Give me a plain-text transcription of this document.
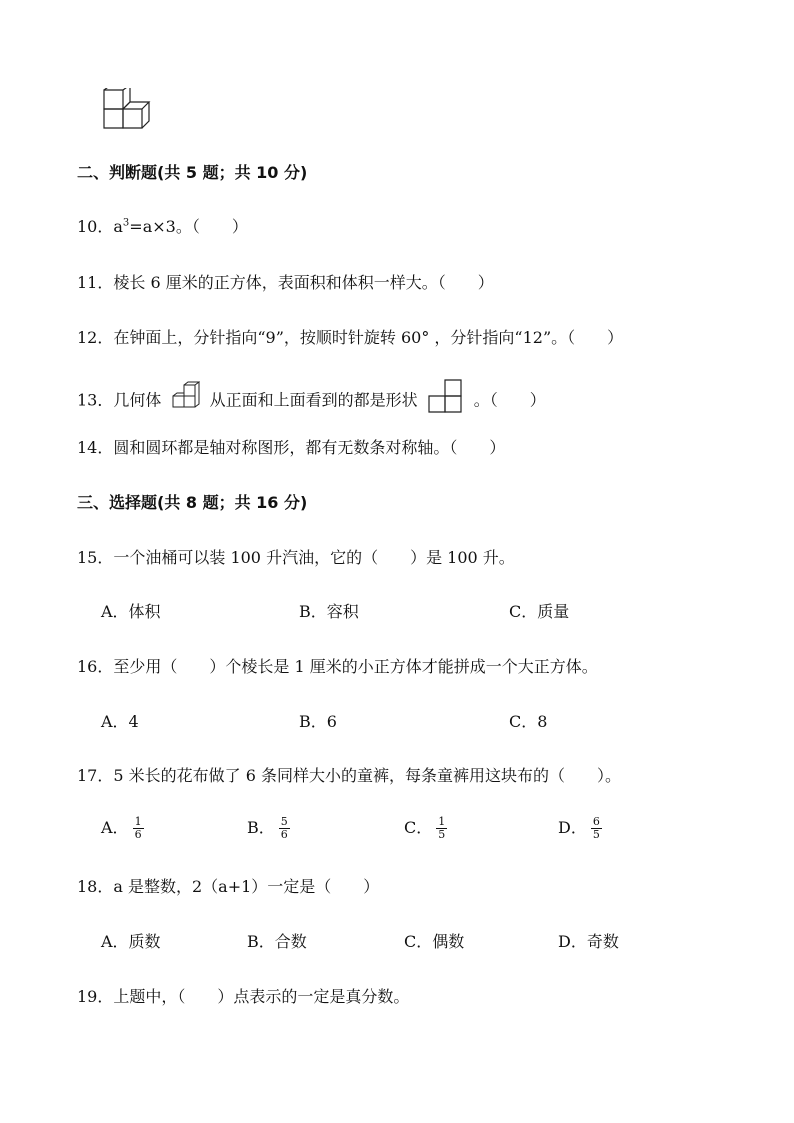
二、判断题(共 5 题；共 10 分)
10．$a^3=a\times 3$。（　　）
11．棱长 6 厘米的正方体，表面积和体积一样大。（　　）
12．在钟面上，分针指向“9”，按顺时针旋转 60° ，分针指向“12”。（　　）
13．几何体	从正面和上面看到的都是形状	。（　　）
14．圆和圆环都是轴对称图形，都有无数条对称轴。（　　）
三、选择题(共 8 题；共 16 分)
15．一个油桶可以装 100 升汽油，它的（　　）是 100 升。
A．体积	B．容积	C．质量
16．至少用（　　）个棱长是 1 厘米的小正方体才能拼成一个大正方体。
A．4	B．6	C．8
17．5 米长的花布做了 6 条同样大小的童裤，每条童裤用这块布的（　　）。
A． $\frac{1}{6}$	B． $\frac{5}{6}$	C． $\frac{1}{5}$	D． $\frac{6}{5}$
18．a 是整数，2（a+1）一定是（　　）
A．质数	B．合数	C．偶数	D．奇数
19．上题中，（　　）点表示的一定是真分数。
